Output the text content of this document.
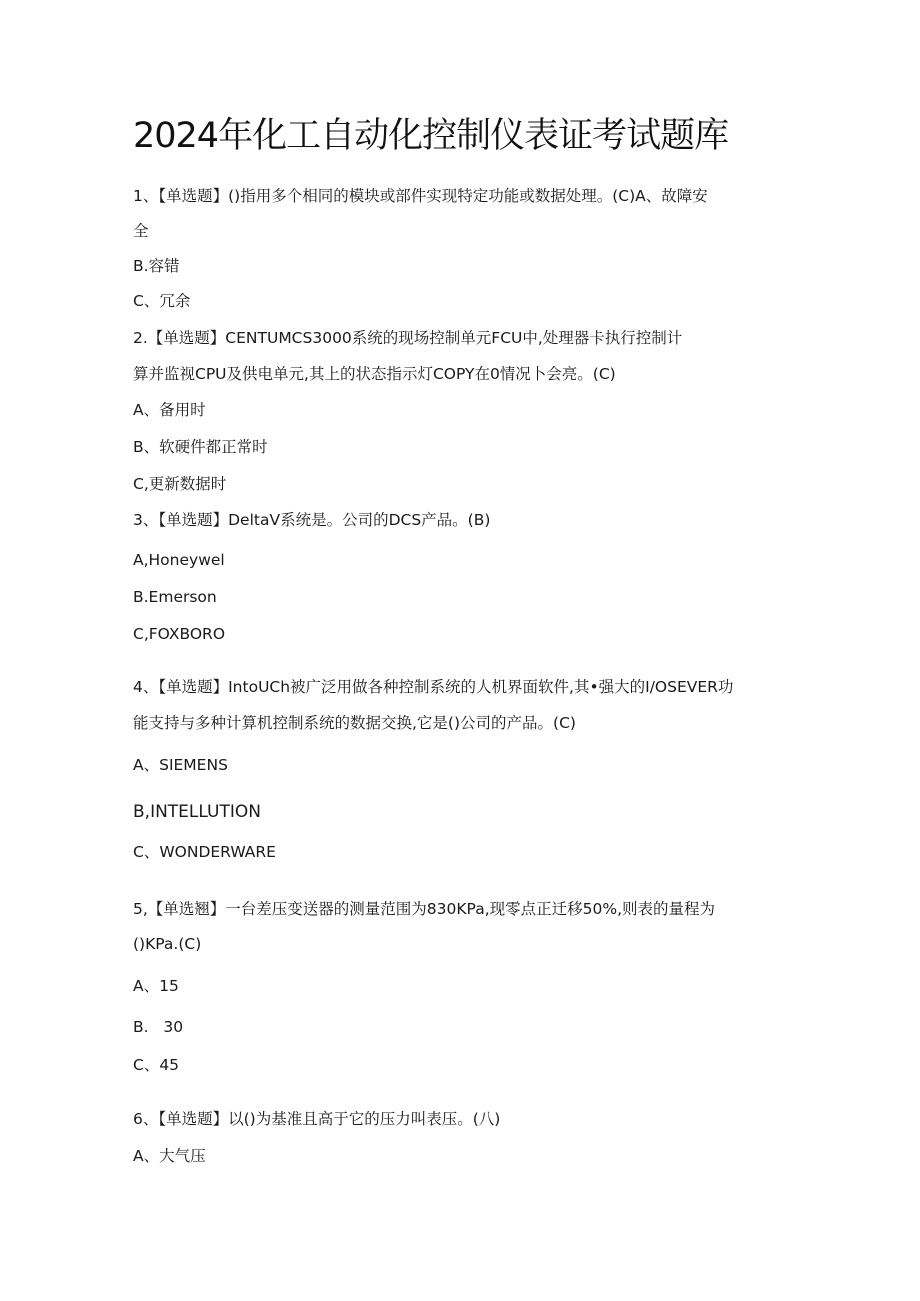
2024年化工自动化控制仪表证考试题库
1、【单选题】()指用多个相同的模块或部件实现特定功能或数据处理。(C)A、故障安
全
B.容错
C、冗余
2.【单选题】CENTUMCS3000系统的现场控制单元FCU中,处理器卡执行控制计
算并监视CPU及供电单元,其上的状态指示灯COPY在0情况卜会亮。(C)
A、备用时
B、软硬件都正常时
C,更新数据时
3、【单选题】DeltaV系统是。公司的DCS产品。(B)
A,Honeywel
B.Emerson
C,FOXBORO
4、【单选题】IntoUCh被广泛用做各种控制系统的人机界面软件,其•强大的I/OSEVER功
能支持与多种计算机控制系统的数据交换,它是()公司的产品。(C)
A、SIEMENS
B,INTELLUTION
C、WONDERWARE
5,【单选翘】一台差压变送器的测量范围为830KPa,现零点正迁移50%,则表的量程为
()KPa.(C)
A、15
B.   30
C、45
6、【单选题】以()为基准且高于它的压力叫表压。(八)
A、大气压
